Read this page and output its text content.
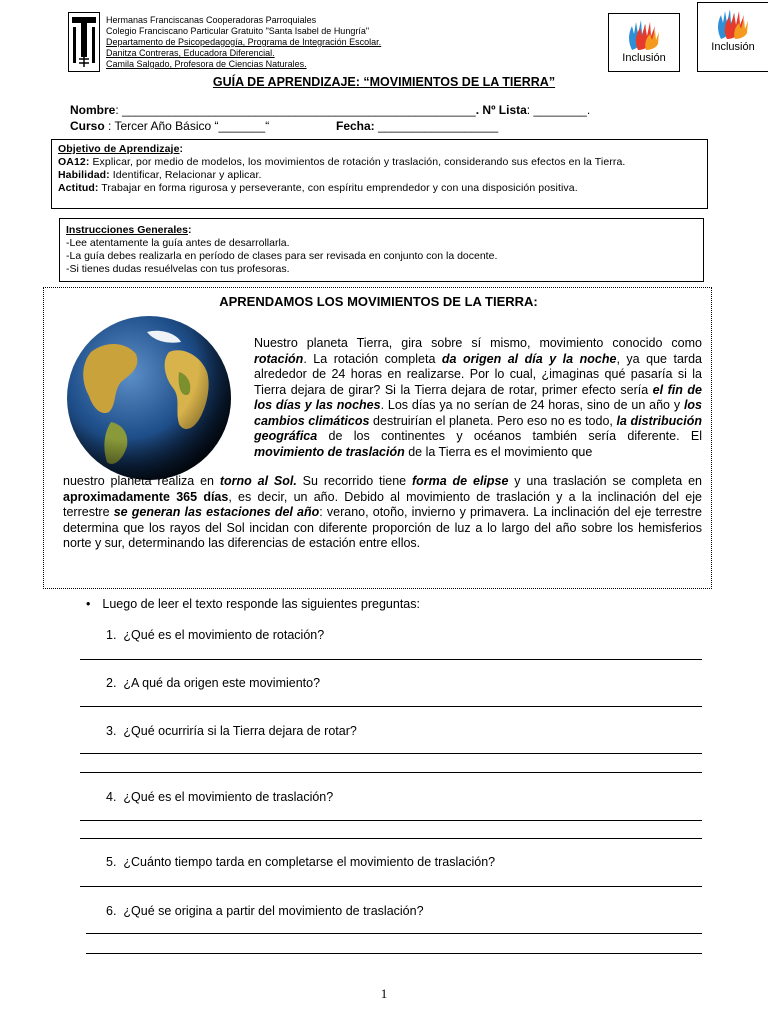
Hermanas Franciscanas Cooperadoras Parroquiales
Colegio Franciscano Particular Gratuito "Santa Isabel de Hungría"
Departamento de Psicopedagogía, Programa de Integración Escolar.
Danitza Contreras, Educadora Diferencial.
Camila Salgado, Profesora de Ciencias Naturales.	Inclusión
Inclusión
GUÍA DE APRENDIZAJE: “MOVIMIENTOS DE LA TIERRA”
Nombre: _____________________________________________________. Nº Lista: ________.
Curso : Tercer Año Básico “_______“	Fecha: __________________
Objetivo de Aprendizaje:
OA12: Explicar, por medio de modelos, los movimientos de rotación y traslación, considerando sus efectos en la Tierra.
Habilidad: Identificar, Relacionar y aplicar.
Actitud: Trabajar en forma rigurosa y perseverante, con espíritu emprendedor y con una disposición positiva.
Instrucciones Generales:
-Lee atentamente la guía antes de desarrollarla.
-La guía debes realizarla en período de clases para ser revisada en conjunto con la docente.
-Si tienes dudas resuélvelas con tus profesoras.
APRENDAMOS LOS MOVIMIENTOS DE LA TIERRA:
Nuestro planeta Tierra, gira sobre sí mismo, movimiento conocido como rotación. La rotación completa da origen al día y la noche, ya que tarda alrededor de 24 horas en realizarse. Por lo cual, ¿imaginas qué pasaría si la Tierra dejara de girar? Si la Tierra dejara de rotar, primer efecto sería el fin de los días y las noches. Los días ya no serían de 24 horas, sino de un año y los cambios climáticos destruirían el planeta. Pero eso no es todo, la distribución geográfica de los continentes y océanos también sería diferente. El movimiento de traslación de la Tierra es el movimiento que
nuestro planeta realiza en torno al Sol. Su recorrido tiene forma de elipse y una traslación se completa en aproximadamente 365 días, es decir, un año. Debido al movimiento de traslación y a la inclinación del eje terrestre se generan las estaciones del año: verano, otoño, invierno y primavera. La inclinación del eje terrestre determina que los rayos del Sol incidan con diferente proporción de luz a lo largo del año sobre los hemisferios norte y sur, determinando las diferencias de estación entre ellos.
• Luego de leer el texto responde las siguientes preguntas:
1. ¿Qué es el movimiento de rotación?
2. ¿A qué da origen este movimiento?
3. ¿Qué ocurriría si la Tierra dejara de rotar?
4. ¿Qué es el movimiento de traslación?
5. ¿Cuánto tiempo tarda en completarse el movimiento de traslación?
6. ¿Qué se origina a partir del movimiento de traslación?
1
